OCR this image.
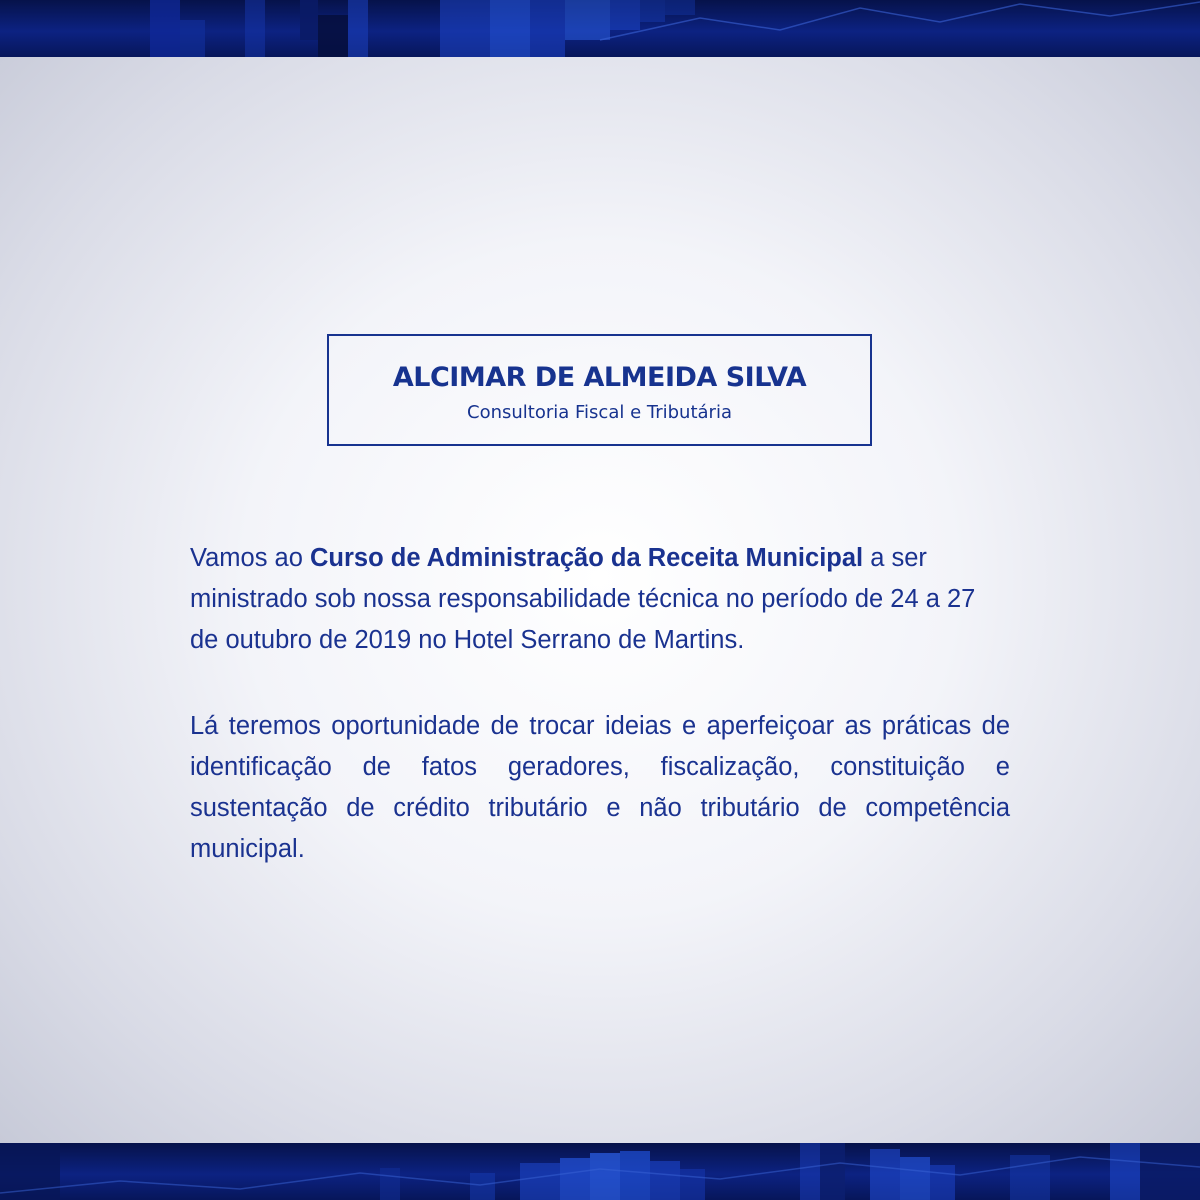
ALCIMAR DE ALMEIDA SILVA
Consultoria Fiscal e Tributária

Vamos ao Curso de Administração da Receita Municipal a ser ministrado sob nossa responsabilidade técnica no período de 24 a 27 de outubro de 2019 no Hotel Serrano de Martins.

Lá teremos oportunidade de trocar ideias e aperfeiçoar as práticas de identificação de fatos geradores, fiscalização, constituição e sustentação de crédito tributário e não tributário de competência municipal.
